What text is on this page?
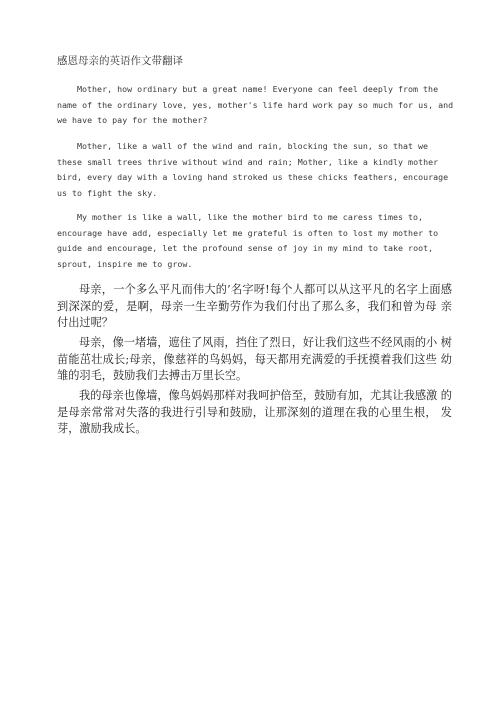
感恩母亲的英语作文带翻译

Mother, how ordinary but a great name! Everyone can feel deeply from the name of the ordinary love, yes, mother's life hard work pay so much for us, and we have to pay for the mother?

Mother, like a wall of the wind and rain, blocking the sun, so that we these small trees thrive without wind and rain; Mother, like a kindly mother bird, every day with a loving hand stroked us these chicks feathers, encourage us to fight the sky.

My mother is like a wall, like the mother bird to me caress times to, encourage have add, especially let me grateful is often to lost my mother to guide and encourage, let the profound sense of joy in my mind to take root, sprout, inspire me to grow.

母亲，一个多么平凡而伟大的’名字呀!每个人都可以从这平凡的名字上面感到深深的爱，是啊，母亲一生辛勤劳作为我们付出了那么多，我们和曾为母 亲付出过呢？

母亲，像一堵墙，遮住了风雨，挡住了烈日，好让我们这些不经风雨的小 树苗能茁壮成长;母亲，像慈祥的鸟妈妈，每天都用充满爱的手抚摸着我们这些 幼雏的羽毛，鼓励我们去搏击万里长空。

我的母亲也像墙，像鸟妈妈那样对我呵护倍至，鼓励有加，尤其让我感激 的是母亲常常对失落的我进行引导和鼓励，让那深刻的道理在我的心里生根， 发芽，激励我成长。
